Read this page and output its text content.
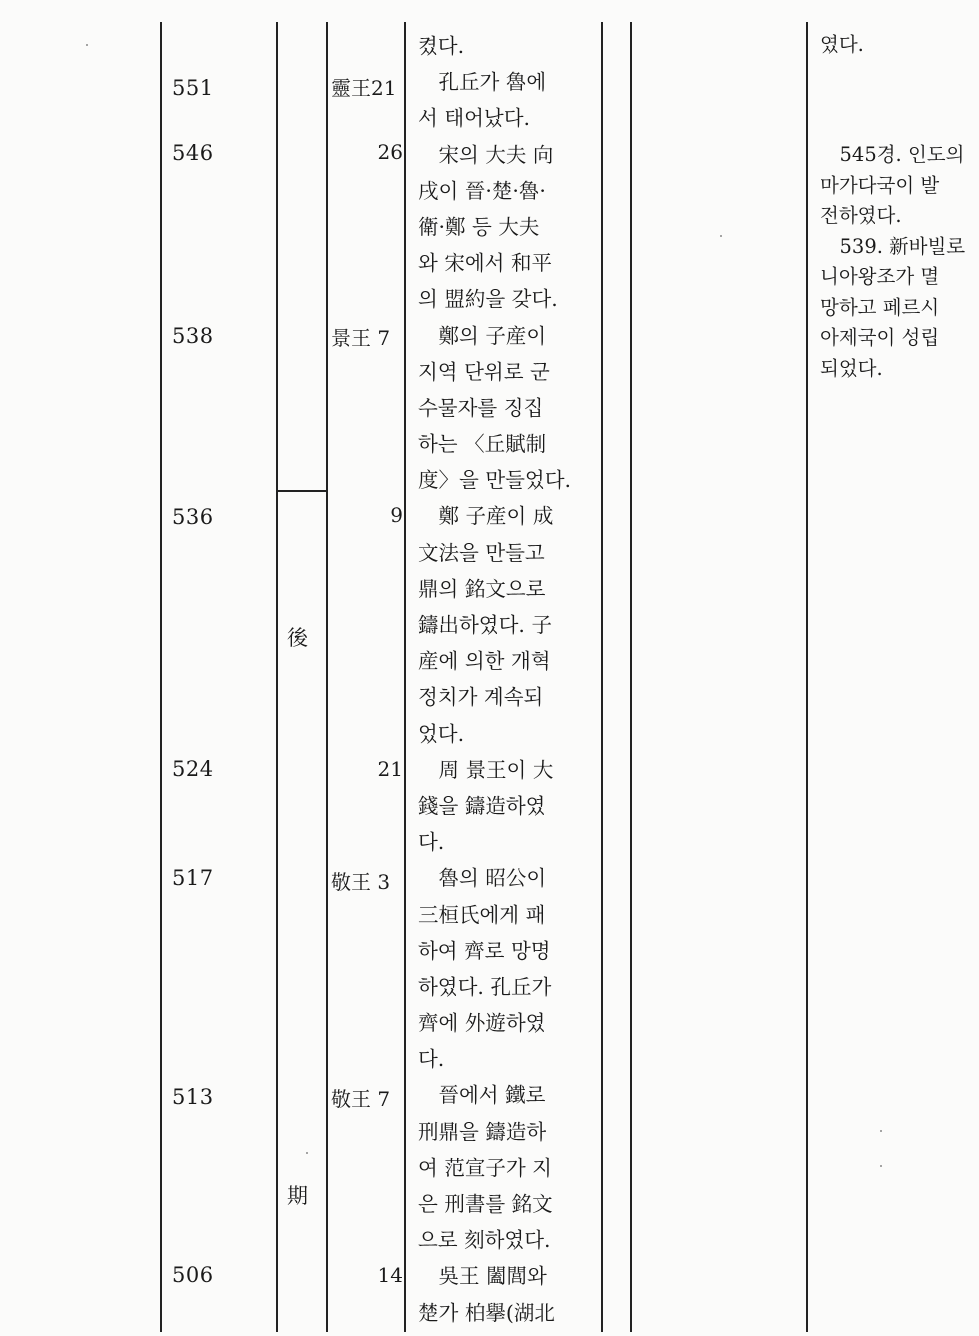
551
546
538
536
524
517
513
506
後
期
靈王21
26
景王 7
9
21
敬王 3
敬王 7
14
켰다.
　孔丘가 魯에
서 태어났다.
　宋의 大夫 向
戌이 晉·楚·魯·
衛·鄭 등 大夫
와 宋에서 和平
의 盟約을 갖다.
　鄭의 子産이
지역 단위로 군
수물자를 징집
하는 〈丘賦制
度〉을 만들었다.
　鄭 子産이 成
文法을 만들고
鼎의 銘文으로
鑄出하였다. 子
産에 의한 개혁
정치가 계속되
었다.
　周 景王이 大
錢을 鑄造하였
다.
　魯의 昭公이
三桓氏에게 패
하여 齊로 망명
하였다. 孔丘가
齊에 外遊하였
다.
　晉에서 鐵로
刑鼎을 鑄造하
여 范宣子가 지
은 刑書를 銘文
으로 刻하였다.
　吳王 闔閭와
楚가 柏擧(湖北
였다.
　545경. 인도의
마가다국이 발
전하였다.
　539. 新바빌로
니아왕조가 멸
망하고 페르시
아제국이 성립
되었다.
